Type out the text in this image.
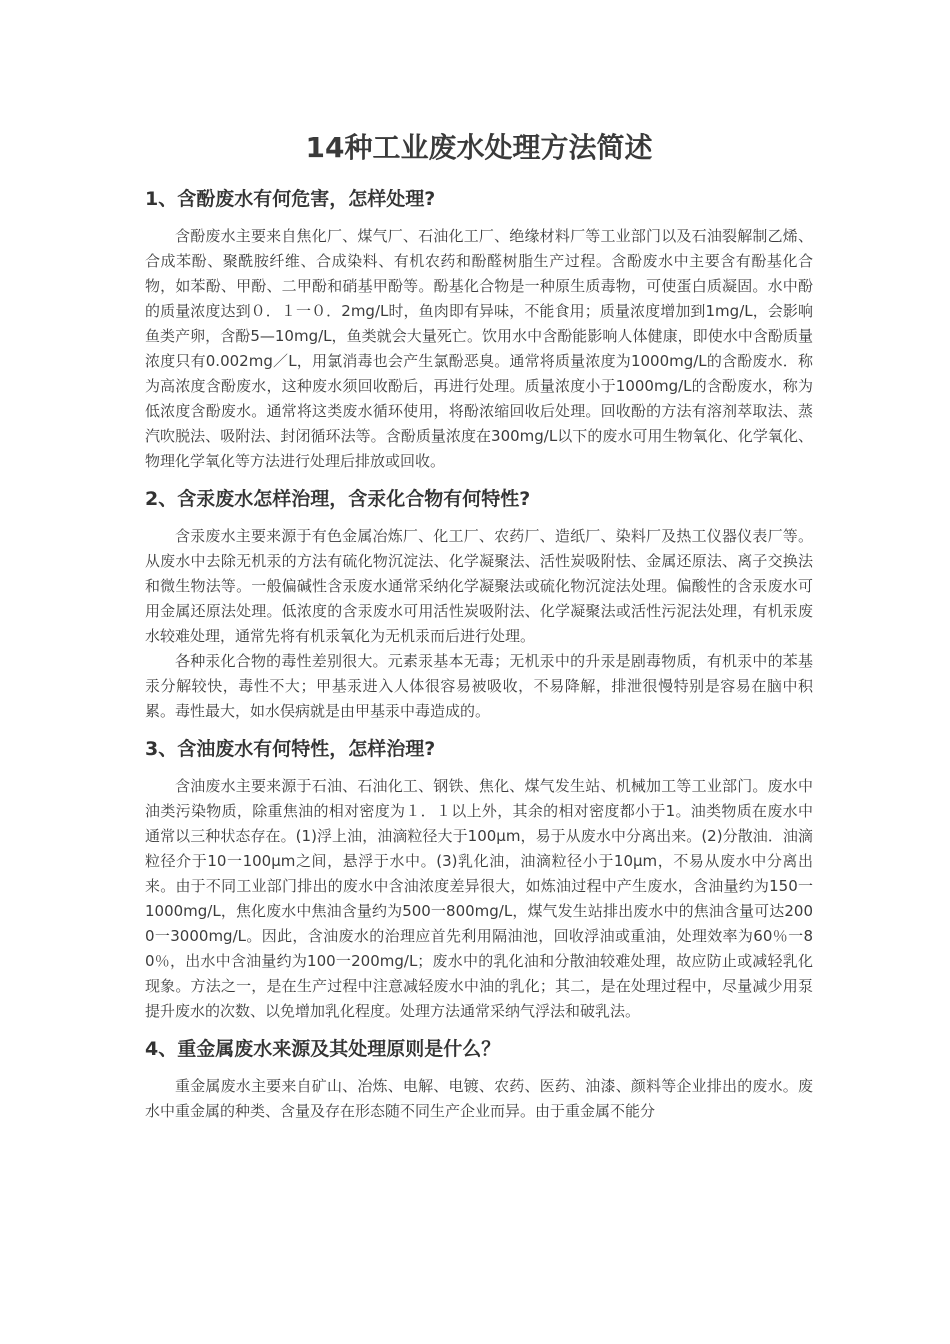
14种工业废水处理方法简述
1、含酚废水有何危害，怎样处理?

含酚废水主要来自焦化厂、煤气厂、石油化工厂、绝缘材料厂等工业部门以及石油裂解制乙烯、合成苯酚、聚酰胺纤维、合成染料、有机农药和酚醛树脂生产过程。含酚废水中主要含有酚基化合物，如苯酚、甲酚、二甲酚和硝基甲酚等。酚基化合物是一种原生质毒物，可使蛋白质凝固。水中酚的质量浓度达到０．１一０．2mg/L时，鱼肉即有异味，不能食用；质量浓度增加到1mg/L，会影响鱼类产卵，含酚5—10mg/L，鱼类就会大量死亡。饮用水中含酚能影响人体健康，即使水中含酚质量浓度只有0.002mg／L，用氯消毒也会产生氯酚恶臭。通常将质量浓度为1000mg/L的含酚废水．称为高浓度含酚废水，这种废水须回收酚后，再进行处理。质量浓度小于1000mg/L的含酚废水，称为低浓度含酚废水。通常将这类废水循环使用，将酚浓缩回收后处理。回收酚的方法有溶剂萃取法、蒸汽吹脱法、吸附法、封闭循环法等。含酚质量浓度在300mg/L以下的废水可用生物氧化、化学氧化、物理化学氧化等方法进行处理后排放或回收。

2、含汞废水怎样治理，含汞化合物有何特性?

含汞废水主要来源于有色金属冶炼厂、化工厂、农药厂、造纸厂、染料厂及热工仪器仪表厂等。从废水中去除无机汞的方法有硫化物沉淀法、化学凝聚法、活性炭吸附怯、金属还原法、离子交换法和微生物法等。一般偏碱性含汞废水通常采纳化学凝聚法或硫化物沉淀法处理。偏酸性的含汞废水可用金属还原法处理。低浓度的含汞废水可用活性炭吸附法、化学凝聚法或活性污泥法处理，有机汞废水较难处理，通常先将有机汞氧化为无机汞而后进行处理。

各种汞化合物的毒性差别很大。元素汞基本无毒；无机汞中的升汞是剧毒物质，有机汞中的苯基汞分解较快，毒性不大；甲基汞进入人体很容易被吸收，不易降解，排泄很慢特别是容易在脑中积累。毒性最大，如水俣病就是由甲基汞中毒造成的。

3、含油废水有何特性，怎样治理?

含油废水主要来源于石油、石油化工、钢铁、焦化、煤气发生站、机械加工等工业部门。废水中油类污染物质，除重焦油的相对密度为１．１以上外，其余的相对密度都小于1。油类物质在废水中通常以三种状态存在。(1)浮上油，油滴粒径大于100μm，易于从废水中分离出来。(2)分散油．油滴粒径介于10一100μm之间，悬浮于水中。(3)乳化油，油滴粒径小于10μm，不易从废水中分离出来。由于不同工业部门排出的废水中含油浓度差异很大，如炼油过程中产生废水，含油量约为150一1000mg/L，焦化废水中焦油含量约为500一800mg/L，煤气发生站排出废水中的焦油含量可达2000一3000mg/L。因此，含油废水的治理应首先利用隔油池，回收浮油或重油，处理效率为60％一80％，出水中含油量约为100一200mg/L；废水中的乳化油和分散油较难处理，故应防止或减轻乳化现象。方法之一，是在生产过程中注意减轻废水中油的乳化；其二，是在处理过程中，尽量减少用泵提升废水的次数、以免增加乳化程度。处理方法通常采纳气浮法和破乳法。

4、重金属废水来源及其处理原则是什么？

重金属废水主要来自矿山、冶炼、电解、电镀、农药、医药、油漆、颜料等企业排出的废水。废水中重金属的种类、含量及存在形态随不同生产企业而异。由于重金属不能分
